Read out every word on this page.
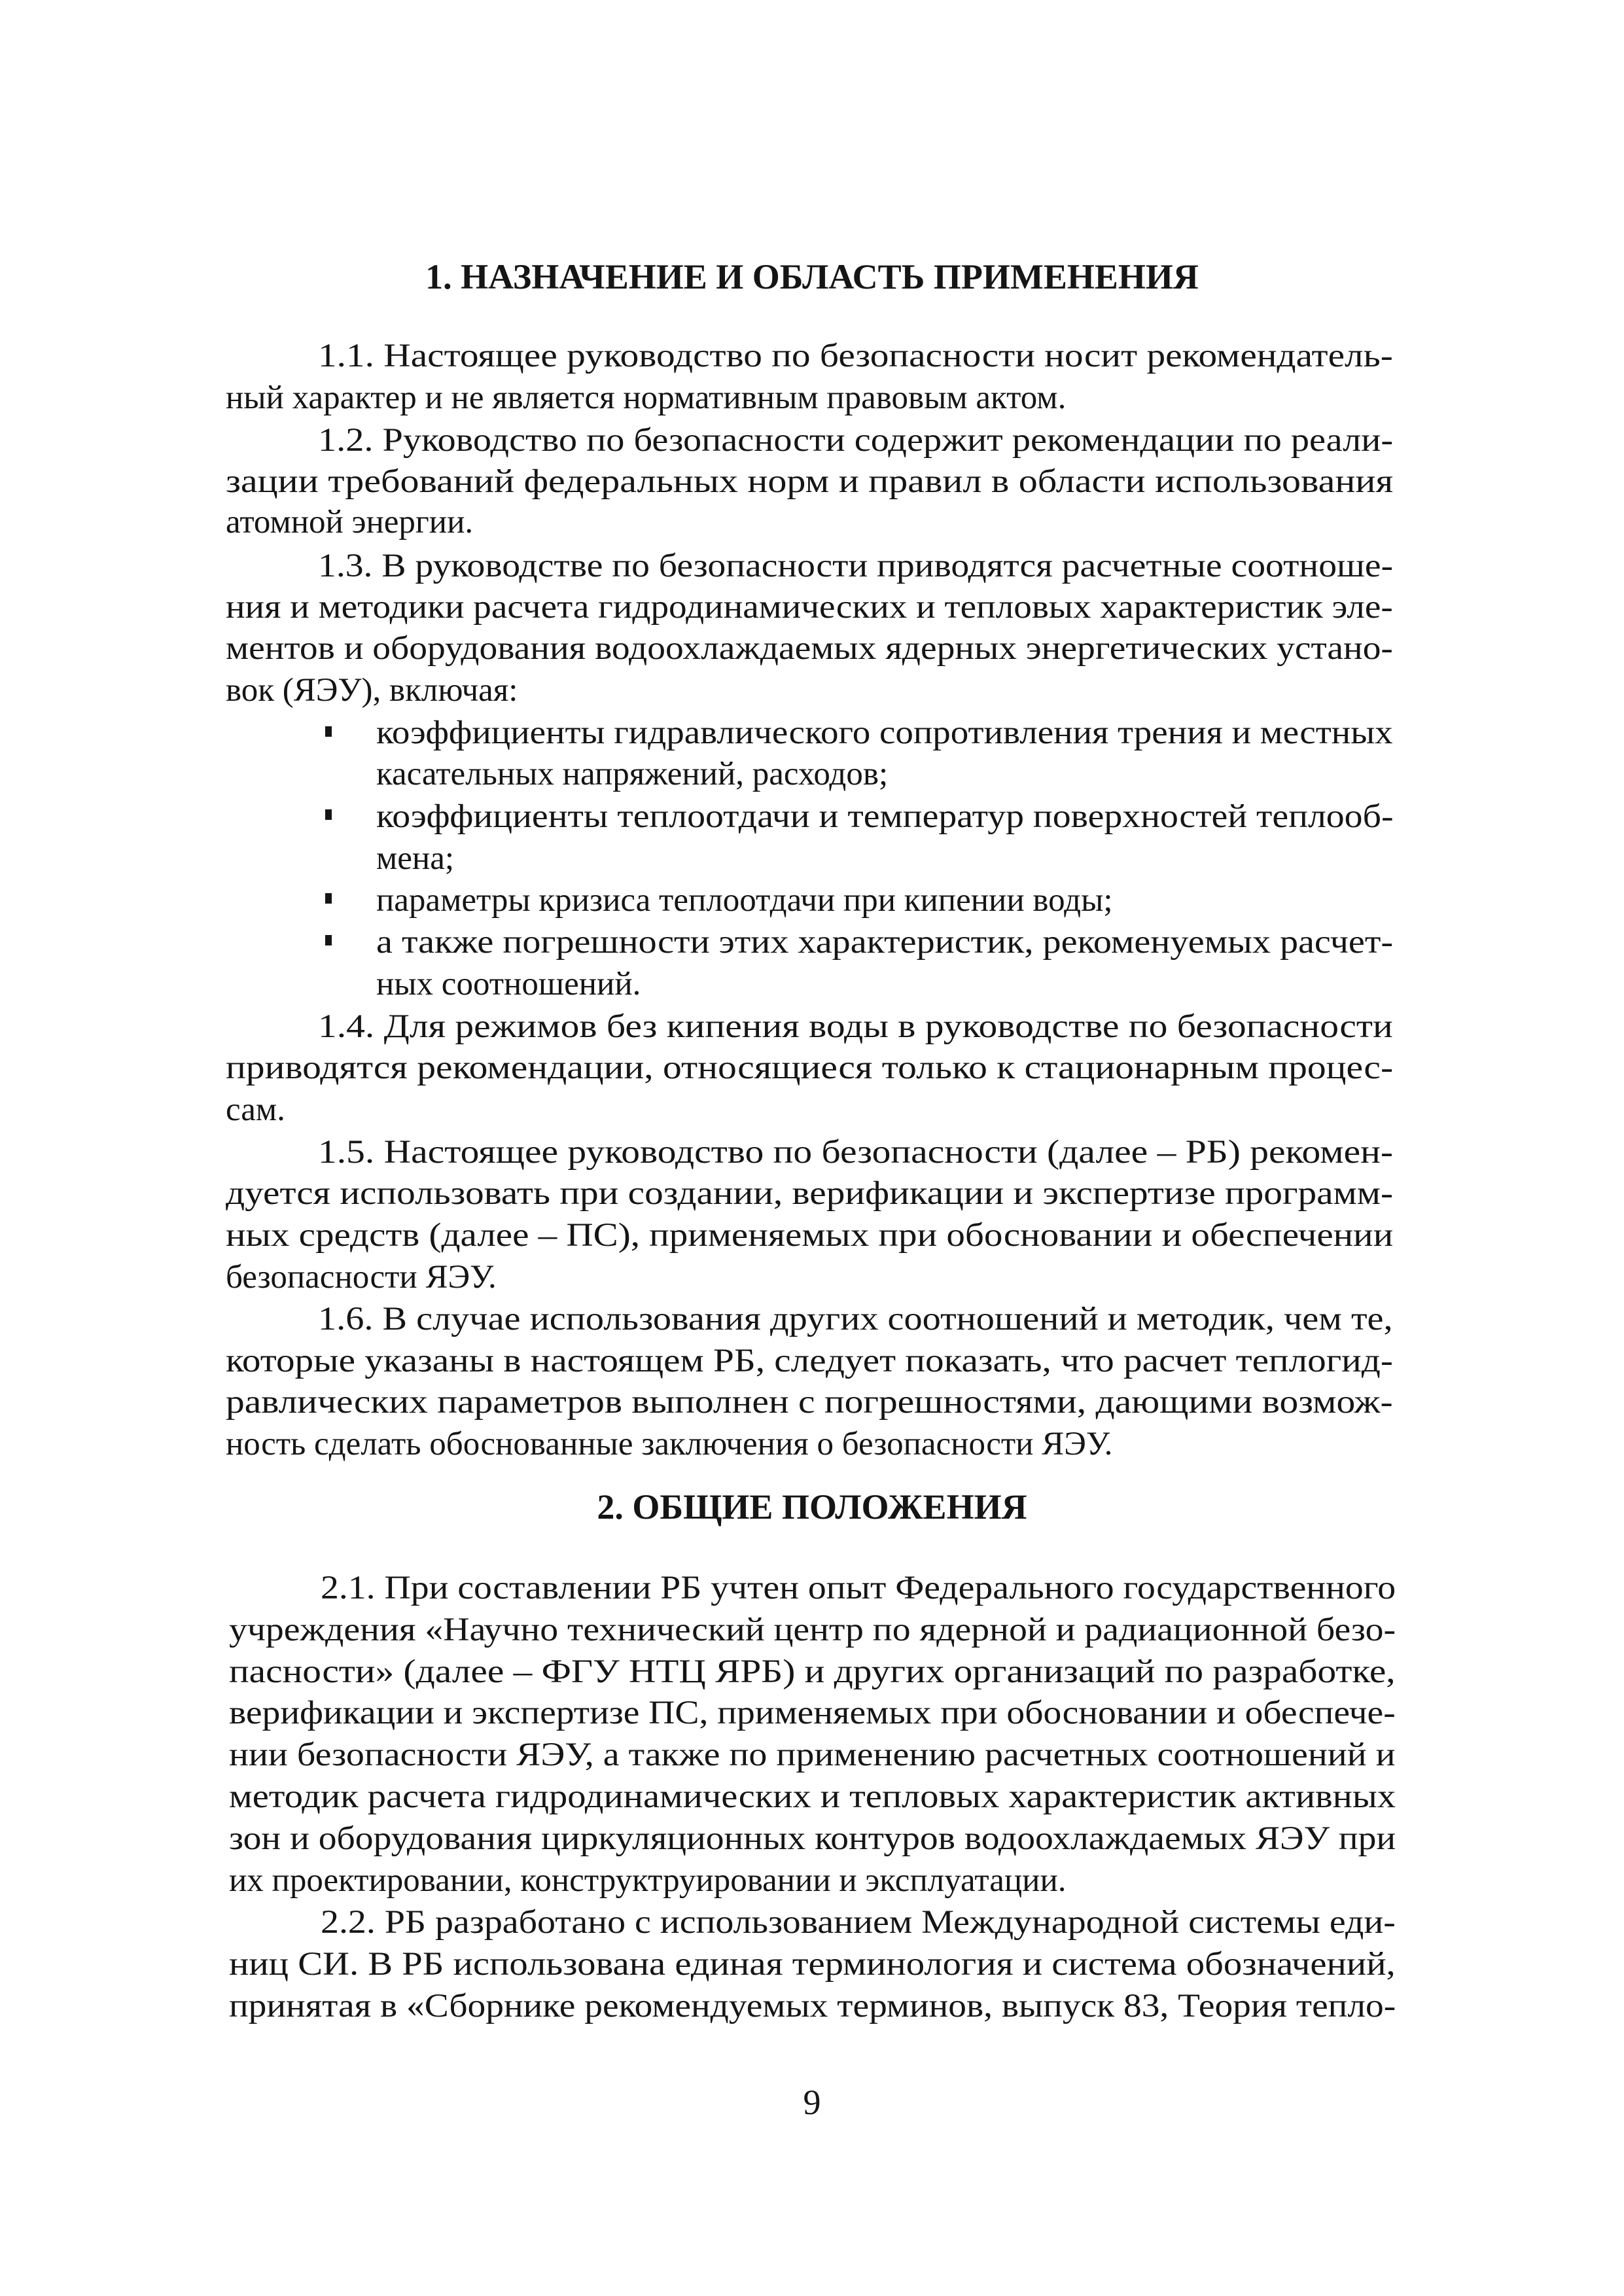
1. НАЗНАЧЕНИЕ И ОБЛАСТЬ ПРИМЕНЕНИЯ
1.1. Настоящее руководство по безопасности носит рекомендатель-
ный характер и не является нормативным правовым актом.
1.2. Руководство по безопасности содержит рекомендации по реали-
зации требований федеральных норм и правил в области использования
атомной энергии.
1.3. В руководстве по безопасности приводятся расчетные соотноше-
ния и методики расчета гидродинамических и тепловых характеристик эле-
ментов и оборудования водоохлаждаемых ядерных энергетических устано-
вок (ЯЭУ), включая:
коэффициенты гидравлического сопротивления трения и местных
касательных напряжений, расходов;
коэффициенты теплоотдачи и температур поверхностей теплооб-
мена;
параметры кризиса теплоотдачи при кипении воды;
а также погрешности этих характеристик, рекоменуемых расчет-
ных соотношений.
1.4. Для режимов без кипения воды в руководстве по безопасности
приводятся рекомендации, относящиеся только к стационарным процес-
сам.
1.5. Настоящее руководство по безопасности (далее – РБ) рекомен-
дуется использовать при создании, верификации и экспертизе программ-
ных средств (далее – ПС), применяемых при обосновании и обеспечении
безопасности ЯЭУ.
1.6. В случае использования других соотношений и методик, чем те,
которые указаны в настоящем РБ, следует показать, что расчет теплогид-
равлических параметров выполнен с погрешностями, дающими возмож-
ность сделать обоснованные заключения о безопасности ЯЭУ.
2. ОБЩИЕ ПОЛОЖЕНИЯ
2.1. При составлении РБ учтен опыт Федерального государственного
учреждения «Научно технический центр по ядерной и радиационной безо-
пасности» (далее – ФГУ НТЦ ЯРБ) и других организаций по разработке,
верификации и экспертизе ПС, применяемых при обосновании и обеспече-
нии безопасности ЯЭУ, а также по применению расчетных соотношений и
методик расчета гидродинамических и тепловых характеристик активных
зон и оборудования циркуляционных контуров водоохлаждаемых ЯЭУ при
их проектировании, конструктруировании и эксплуатации.
2.2. РБ разработано с использованием Международной системы еди-
ниц СИ. В РБ использована единая терминология и система обозначений,
принятая в «Сборнике рекомендуемых терминов, выпуск 83, Теория тепло-
9
